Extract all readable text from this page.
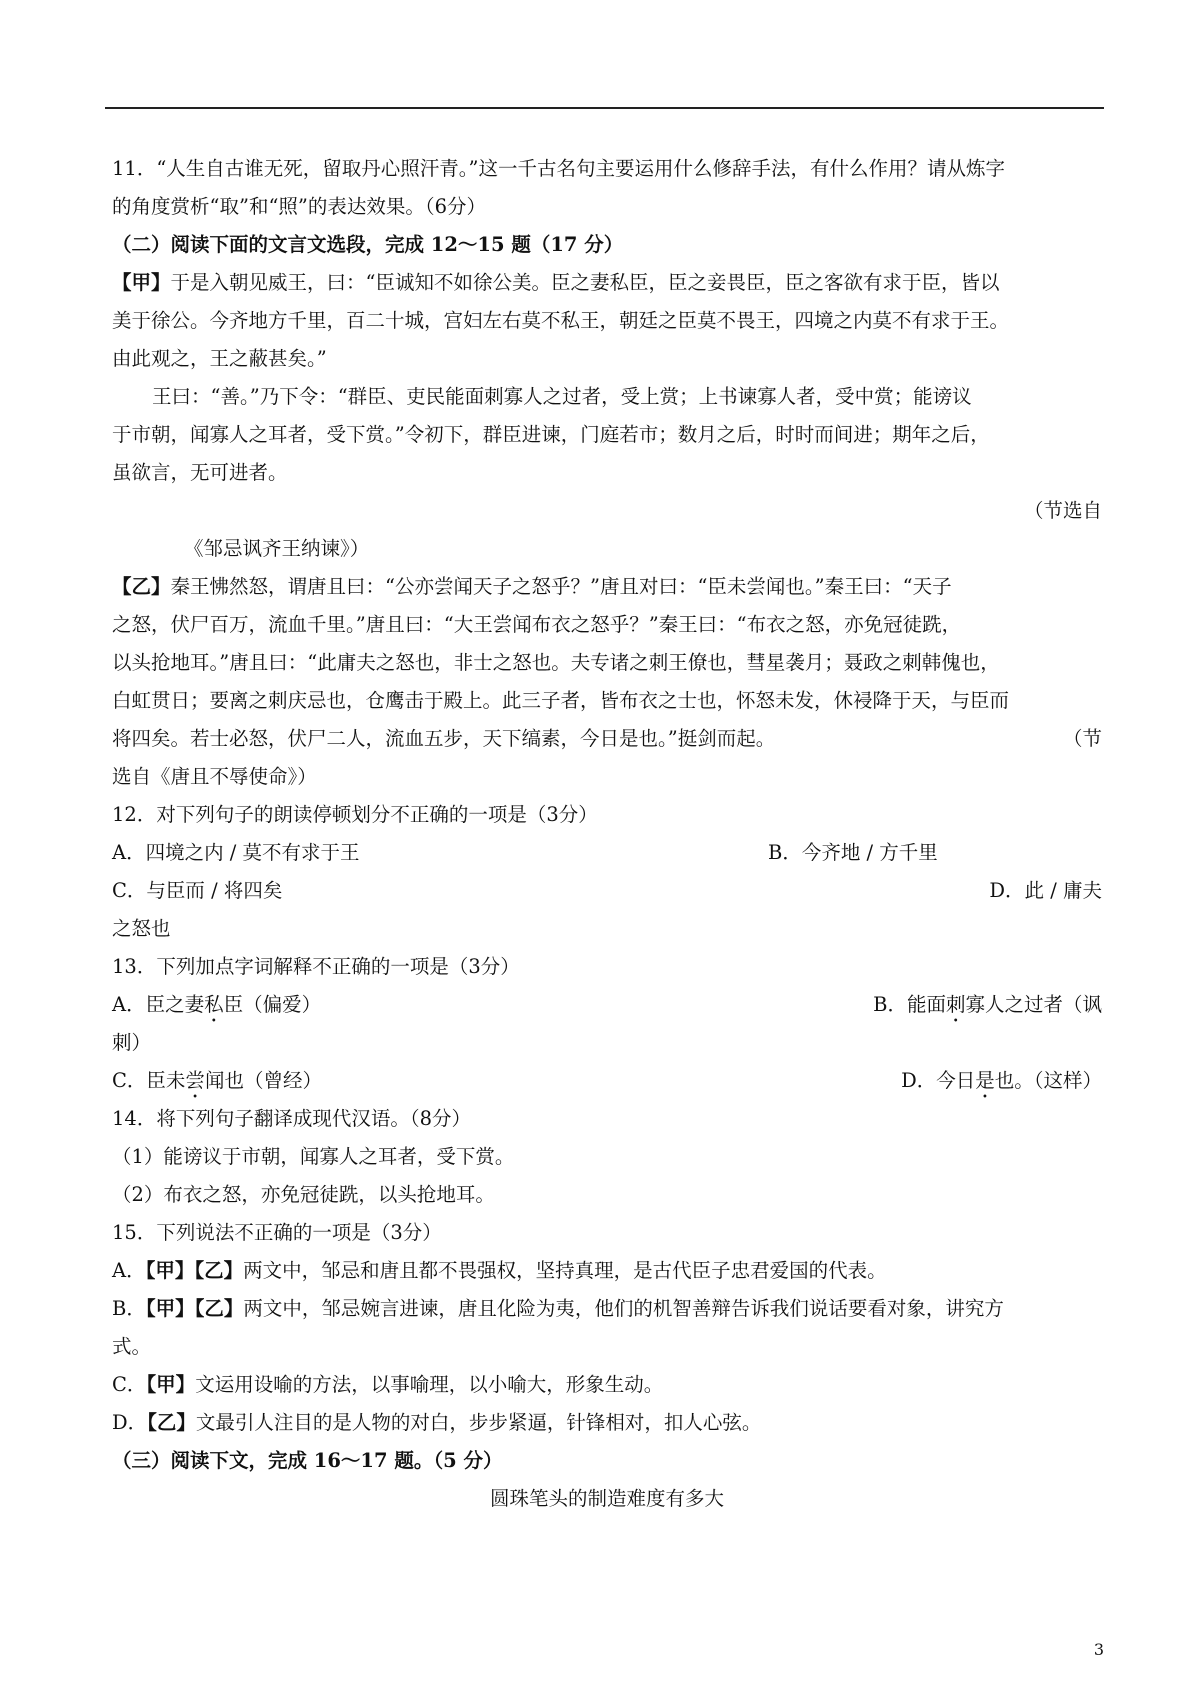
11．“人生自古谁无死，留取丹心照汗青。”这一千古名句主要运用什么修辞手法，有什么作用？请从炼字
的角度赏析“取”和“照”的表达效果。（6分）
（二）阅读下面的文言文选段，完成 12～15 题（17 分）
【甲】于是入朝见威王，曰：“臣诚知不如徐公美。臣之妻私臣，臣之妾畏臣，臣之客欲有求于臣，皆以
美于徐公。今齐地方千里，百二十城，宫妇左右莫不私王，朝廷之臣莫不畏王，四境之内莫不有求于王。
由此观之，王之蔽甚矣。”
王曰：“善。”乃下令：“群臣、吏民能面刺寡人之过者，受上赏；上书谏寡人者，受中赏；能谤议
于市朝，闻寡人之耳者，受下赏。”令初下，群臣进谏，门庭若市；数月之后，时时而间进；期年之后，
虽欲言，无可进者。
（节选自
《邹忌讽齐王纳谏》）
【乙】秦王怫然怒，谓唐且曰：“公亦尝闻天子之怒乎？”唐且对曰：“臣未尝闻也。”秦王曰：“天子
之怒，伏尸百万，流血千里。”唐且曰：“大王尝闻布衣之怒乎？”秦王曰：“布衣之怒，亦免冠徒跣，
以头抢地耳。”唐且曰：“此庸夫之怒也，非士之怒也。夫专诸之刺王僚也，彗星袭月；聂政之刺韩傀也，
白虹贯日；要离之刺庆忌也，仓鹰击于殿上。此三子者，皆布衣之士也，怀怒未发，休祲降于天，与臣而
将四矣。若士必怒，伏尸二人，流血五步，天下缟素，今日是也。”挺剑而起。	（节
选自《唐且不辱使命》）
12．对下列句子的朗读停顿划分不正确的一项是（3分）
A．四境之内 / 莫不有求于王	B．今齐地 / 方千里
C．与臣而 / 将四矣	D．此 / 庸夫
之怒也
13．下列加点字词解释不正确的一项是（3分）
A．臣之妻私臣（偏爱）	B．能面刺寡人之过者（讽
刺）
C．臣未尝闻也（曾经）	D．今日是也。（这样）
14．将下列句子翻译成现代汉语。（8分）
（1）能谤议于市朝，闻寡人之耳者，受下赏。
（2）布衣之怒，亦免冠徒跣，以头抢地耳。
15．下列说法不正确的一项是（3分）
A．【甲】【乙】两文中，邹忌和唐且都不畏强权，坚持真理，是古代臣子忠君爱国的代表。
B．【甲】【乙】两文中，邹忌婉言进谏，唐且化险为夷，他们的机智善辩告诉我们说话要看对象，讲究方
式。
C．【甲】文运用设喻的方法，以事喻理，以小喻大，形象生动。
D．【乙】文最引人注目的是人物的对白，步步紧逼，针锋相对，扣人心弦。
（三）阅读下文，完成 16～17 题。（5 分）
圆珠笔头的制造难度有多大
3
